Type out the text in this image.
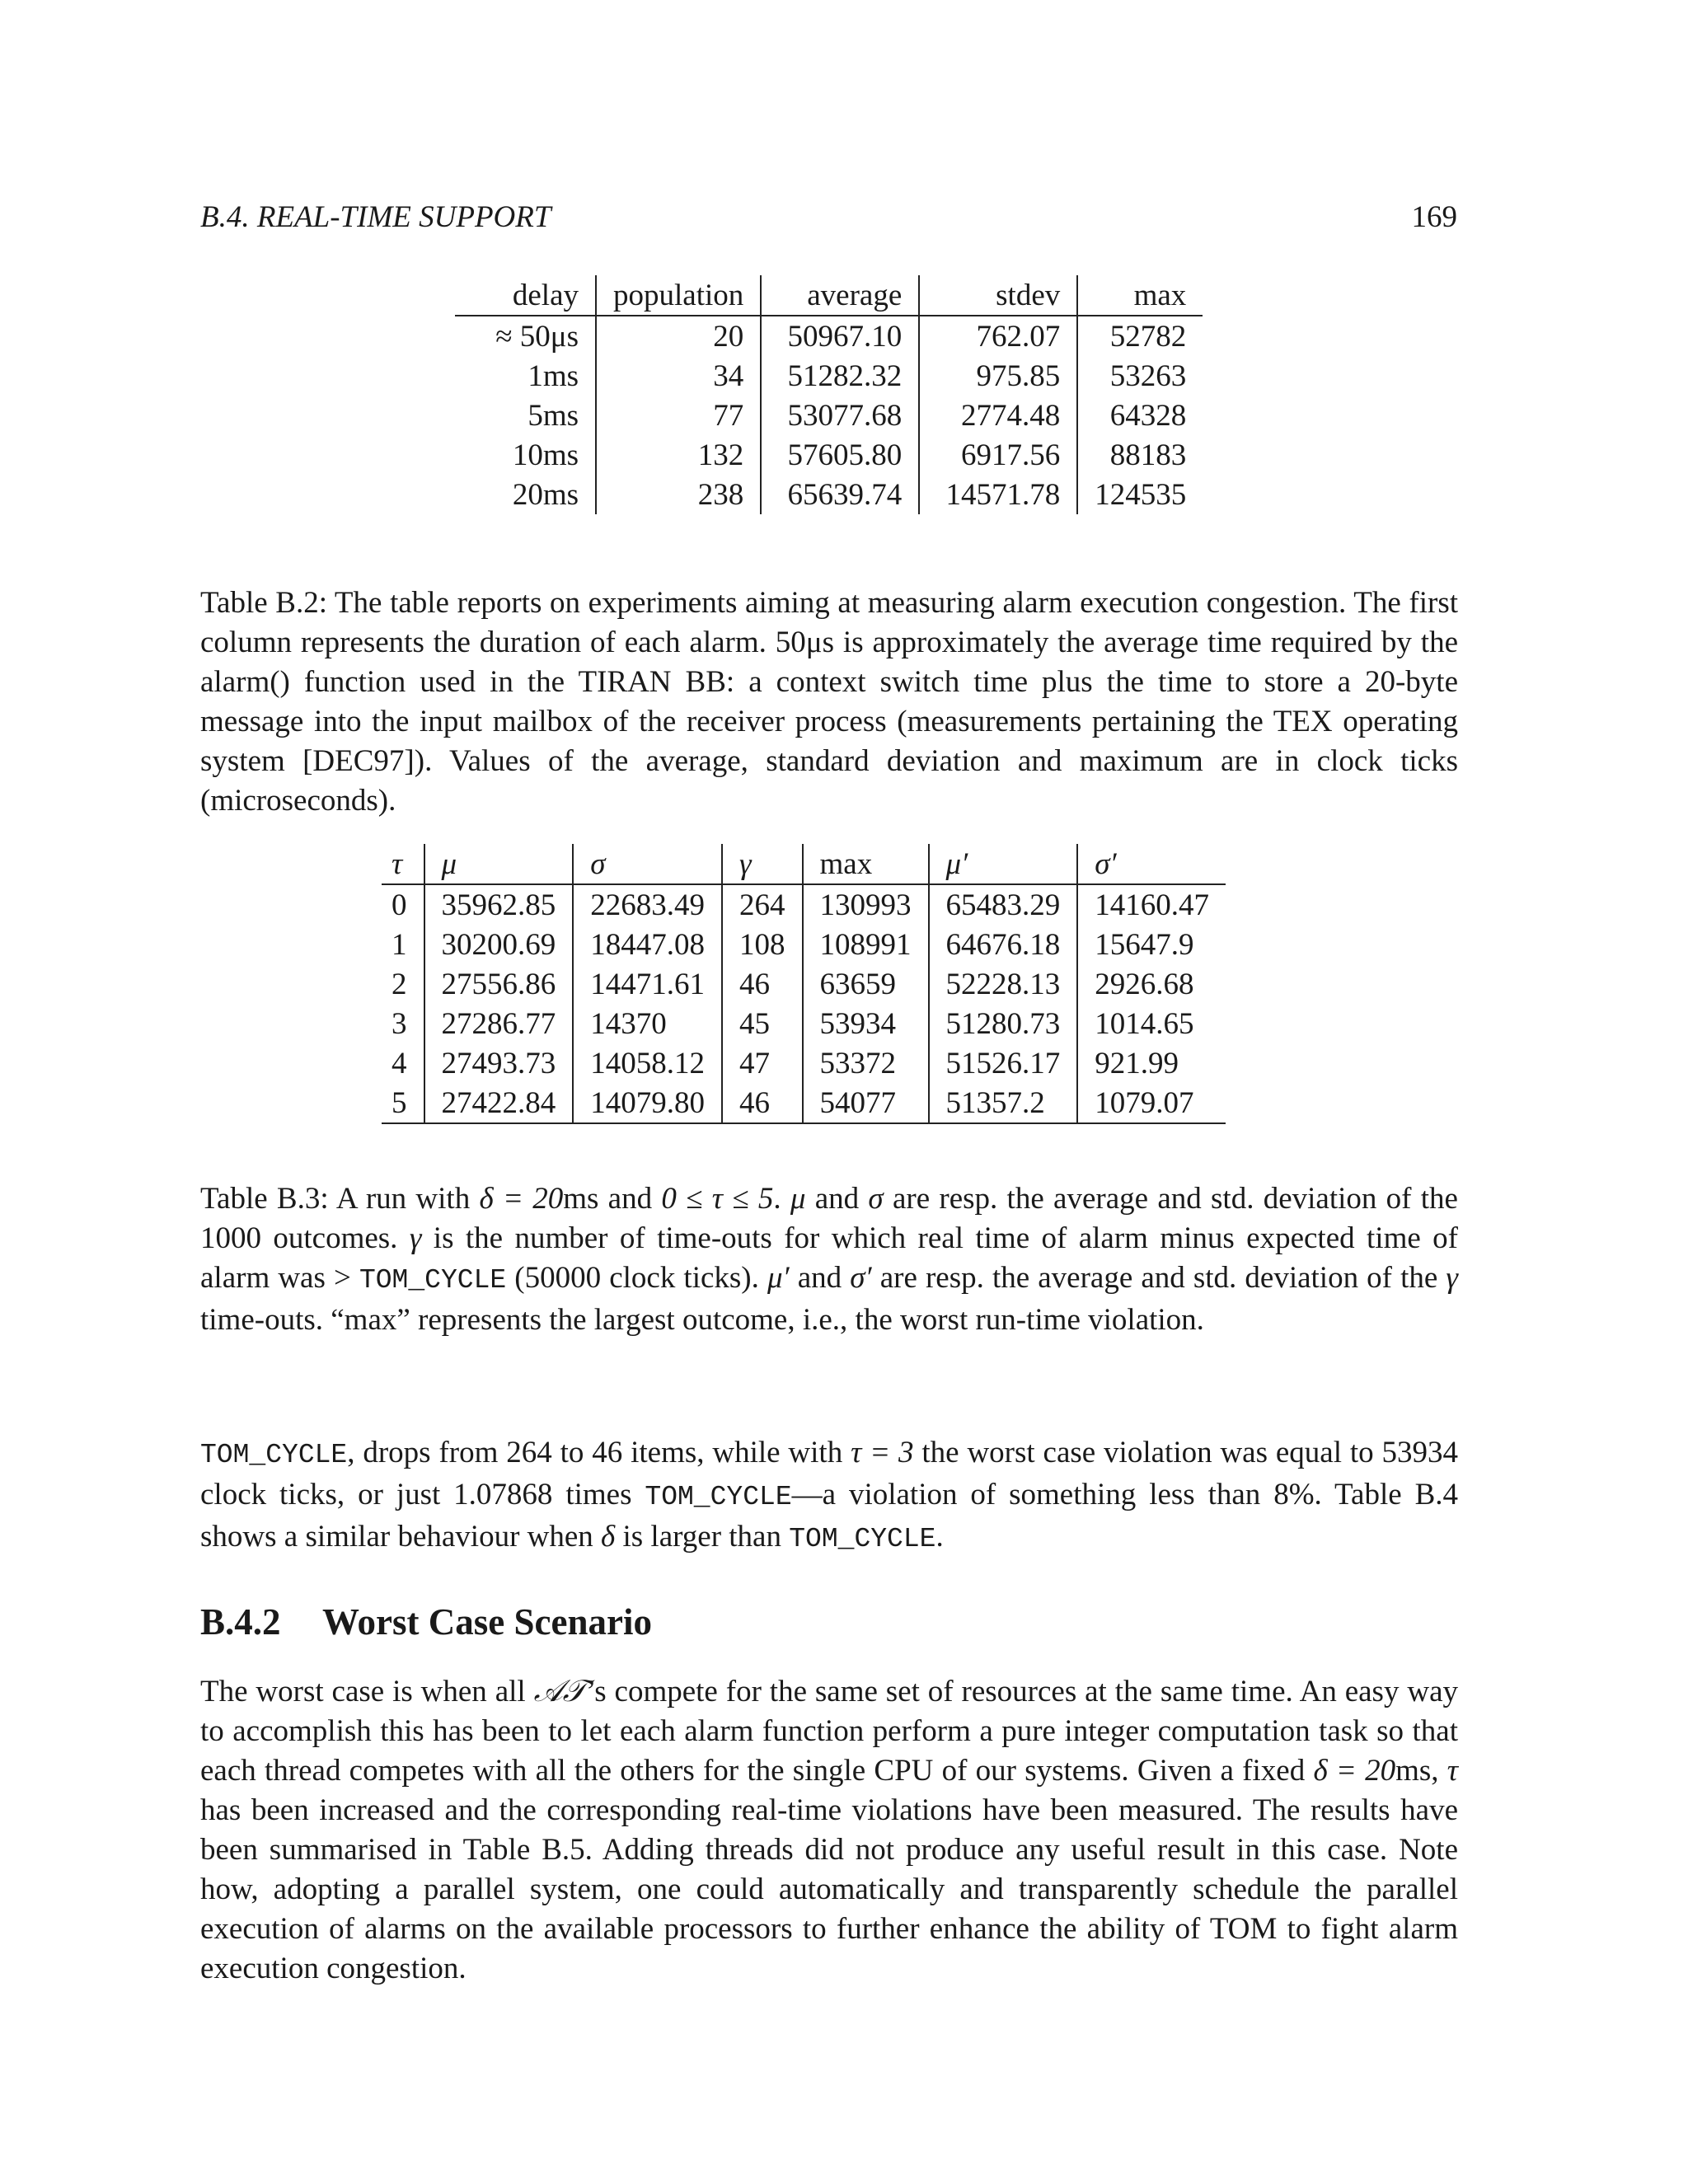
B.4. REAL-TIME SUPPORT	169
delay	population	average	stdev	max
≈ 50μs	20	50967.10	762.07	52782
1ms	34	51282.32	975.85	53263
5ms	77	53077.68	2774.48	64328
10ms	132	57605.80	6917.56	88183
20ms	238	65639.74	14571.78	124535

Table B.2: The table reports on experiments aiming at measuring alarm execution congestion. The first column represents the duration of each alarm. 50μs is approximately the average time required by the alarm() function used in the TIRAN BB: a context switch time plus the time to store a 20-byte message into the input mailbox of the receiver process (measurements pertaining the TEX operating system [DEC97]). Values of the average, standard deviation and maximum are in clock ticks (microseconds).

τ	μ	σ	γ	max	μ′	σ′
0	35962.85	22683.49	264	130993	65483.29	14160.47
1	30200.69	18447.08	108	108991	64676.18	15647.9
2	27556.86	14471.61	46	63659	52228.13	2926.68
3	27286.77	14370	45	53934	51280.73	1014.65
4	27493.73	14058.12	47	53372	51526.17	921.99
5	27422.84	14079.80	46	54077	51357.2	1079.07

Table B.3: A run with δ = 20ms and 0 ≤ τ ≤ 5. μ and σ are resp. the average and std. deviation of the 1000 outcomes. γ is the number of time-outs for which real time of alarm minus expected time of alarm was > TOM_CYCLE (50000 clock ticks). μ′ and σ′ are resp. the average and std. deviation of the γ time-outs. “max” represents the largest outcome, i.e., the worst run-time violation.

TOM_CYCLE, drops from 264 to 46 items, while with τ = 3 the worst case violation was equal to 53934 clock ticks, or just 1.07868 times TOM_CYCLE—a violation of something less than 8%. Table B.4 shows a similar behaviour when δ is larger than TOM_CYCLE.

B.4.2 Worst Case Scenario

The worst case is when all 𝒜𝒯’s compete for the same set of resources at the same time. An easy way to accomplish this has been to let each alarm function perform a pure integer computation task so that each thread competes with all the others for the single CPU of our systems. Given a fixed δ = 20ms, τ has been increased and the corresponding real-time violations have been measured. The results have been summarised in Table B.5. Adding threads did not produce any useful result in this case. Note how, adopting a parallel system, one could automatically and transparently schedule the parallel execution of alarms on the available processors to further enhance the ability of TOM to fight alarm execution congestion.
